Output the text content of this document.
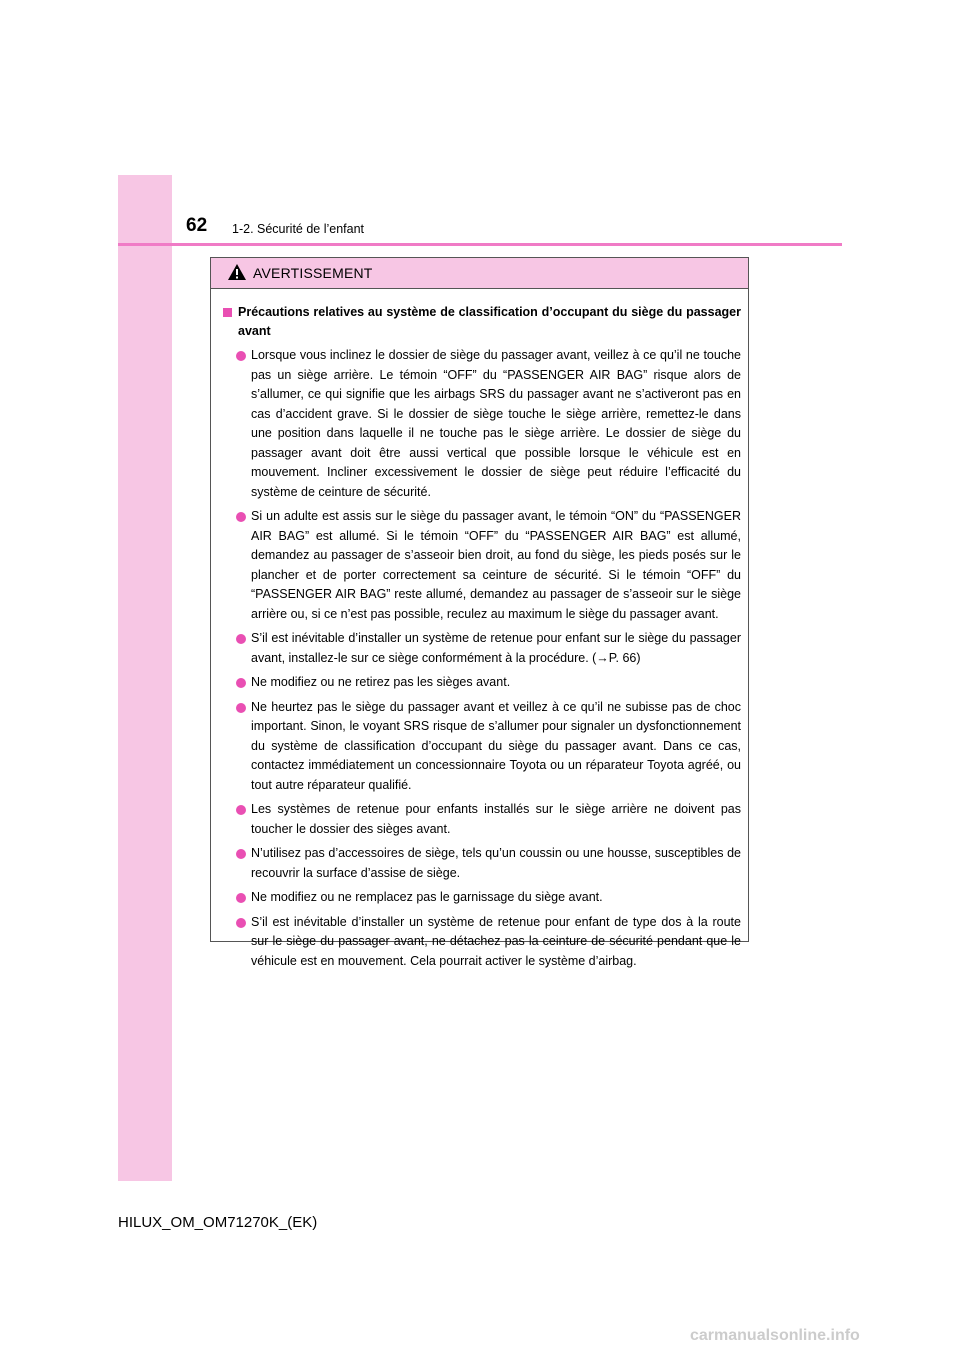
62 1-2. Sécurité de l’enfant
AVERTISSEMENT
Précautions relatives au système de classification d’occupant du siège du passager avant
Lorsque vous inclinez le dossier de siège du passager avant, veillez à ce qu’il ne touche pas un siège arrière. Le témoin “OFF” du “PASSENGER AIR BAG” risque alors de s’allumer, ce qui signifie que les airbags SRS du passager avant ne s’activeront pas en cas d’accident grave. Si le dossier de siège touche le siège arrière, remettez-le dans une position dans laquelle il ne touche pas le siège arrière. Le dossier de siège du passager avant doit être aussi vertical que possible lorsque le véhicule est en mouvement. Incliner excessivement le dossier de siège peut réduire l’efficacité du système de ceinture de sécurité.
Si un adulte est assis sur le siège du passager avant, le témoin “ON” du “PASSENGER AIR BAG” est allumé. Si le témoin “OFF” du “PASSENGER AIR BAG” est allumé, demandez au passager de s’asseoir bien droit, au fond du siège, les pieds posés sur le plancher et de porter correctement sa ceinture de sécurité. Si le témoin “OFF” du “PASSENGER AIR BAG” reste allumé, demandez au passager de s’asseoir sur le siège arrière ou, si ce n’est pas possible, reculez au maximum le siège du passager avant.
S’il est inévitable d’installer un système de retenue pour enfant sur le siège du passager avant, installez-le sur ce siège conformément à la procédure. (→P. 66)
Ne modifiez ou ne retirez pas les sièges avant.
Ne heurtez pas le siège du passager avant et veillez à ce qu’il ne subisse pas de choc important. Sinon, le voyant SRS risque de s’allumer pour signaler un dysfonctionnement du système de classification d’occupant du siège du passager avant. Dans ce cas, contactez immédiatement un concessionnaire Toyota ou un réparateur Toyota agréé, ou tout autre réparateur qualifié.
Les systèmes de retenue pour enfants installés sur le siège arrière ne doivent pas toucher le dossier des sièges avant.
N’utilisez pas d’accessoires de siège, tels qu’un coussin ou une housse, susceptibles de recouvrir la surface d’assise de siège.
Ne modifiez ou ne remplacez pas le garnissage du siège avant.
S’il est inévitable d’installer un système de retenue pour enfant de type dos à la route sur le siège du passager avant, ne détachez pas la ceinture de sécurité pendant que le véhicule est en mouvement. Cela pourrait activer le système d’airbag.
HILUX_OM_OM71270K_(EK)
carmanualsonline.info
